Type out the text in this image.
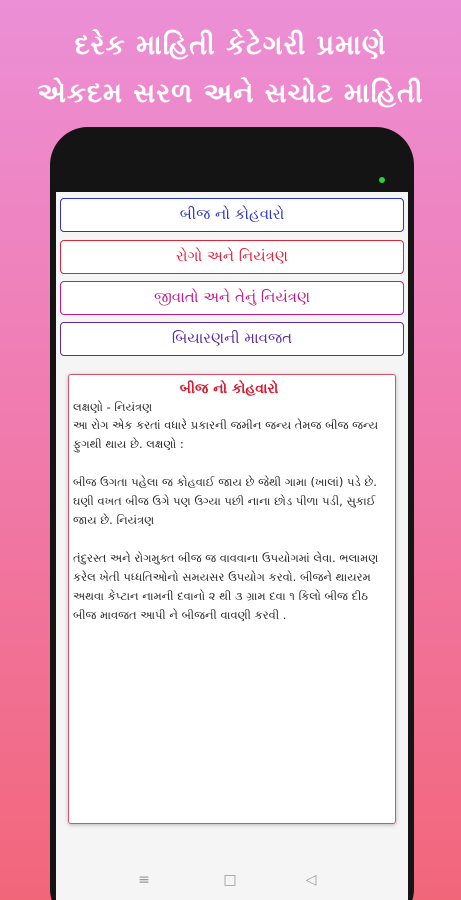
દરેક માહિતી કેટેગરી પ્રમાણે
એકદમ સરળ અને સચોટ માહિતી
બીજ નો કોહવારો
રોગો અને નિયંત્રણ
જીવાતો અને તેનું નિયંત્રણ
બિયારણની માવજત
બીજ નો કોહવારો
લક્ષણો - નિયંત્રણ

આ રોગ એક કરતાં વધારે પ્રકારની જમીન જન્ય તેમજ બીજ જન્ય ફુગથી થાય છે. લક્ષણો :

બીજ ઉગતા પહેલા જ કોહવાઈ જાય છે જેથી ગામા (ખાલાં) પડે છે. ઘણી વખત બીજ ઉગે પણ ઉગ્યા પછી નાના છોડ પીળા પડી, સુકાઈ જાય છે. નિયંત્રણ

તંદુરસ્ત અને રોગમુક્ત બીજ જ વાવવાના ઉપયોગમાં લેવા. ભલામણ કરેલ ખેતી પધ્ધતિઓનો સમયસર ઉપયોગ કરવો. બીજને થાયરમ અથવા કેપ્ટાન નામની દવાનો ૨ થી ૩ ગ્રામ દવા ૧ કિલો બીજ દીઠ બીજ માવજત આપી ને બીજની વાવણી કરવી .

≡	□	◁
